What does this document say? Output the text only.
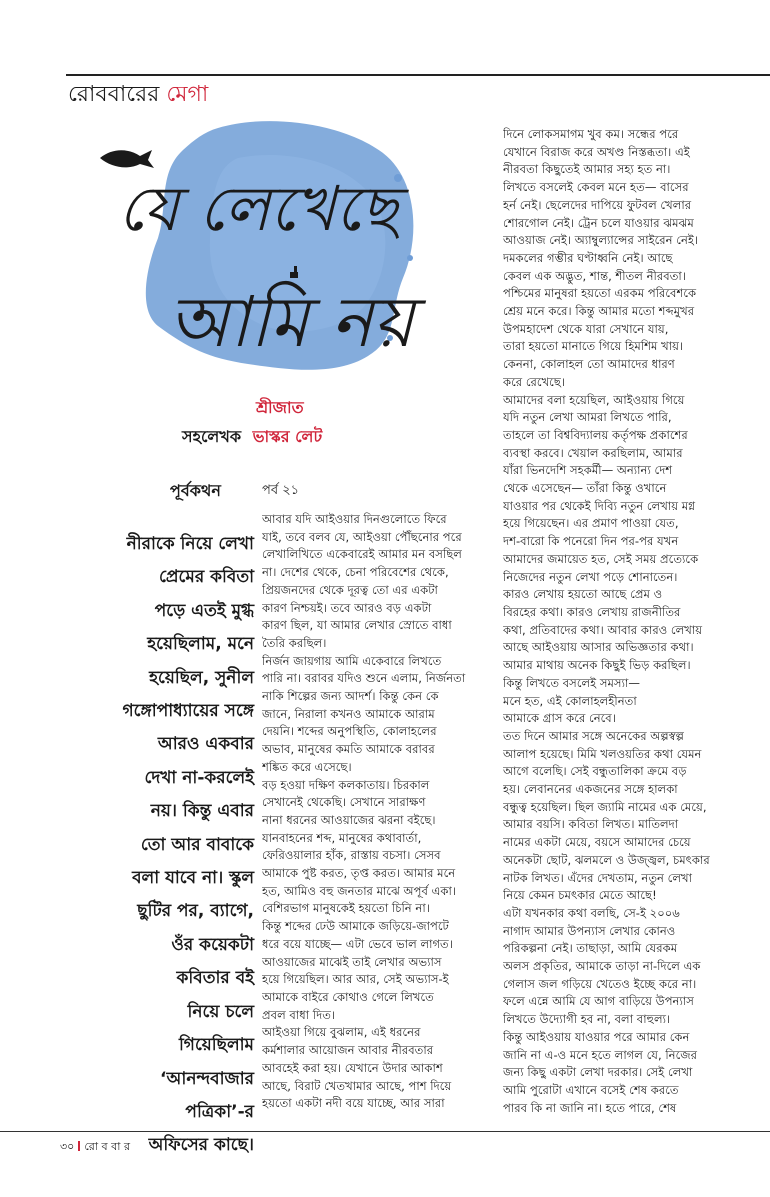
রোববারের মেগা
যে লেখেছে
আমি নয়
শ্রীজাত
সহলেখক ভাস্কর লেট
পূর্বকথন	পর্ব ২১
নীরাকে নিয়ে লেখা
প্রেমের কবিতা
পড়ে এতই মুগ্ধ
হয়েছিলাম, মনে
হয়েছিল, সুনীল
গঙ্গোপাধ্যায়ের সঙ্গে
আরও একবার
দেখা না-করলেই
নয়। কিন্তু এবার
তো আর বাবাকে
বলা যাবে না। স্কুল
ছুটির পর, ব্যাগে,
ওঁর কয়েকটা
কবিতার বই
নিয়ে চলে
গিয়েছিলাম
‘আনন্দবাজার
পত্রিকা’-র
অফিসের কাছে।
আবার যদি আইওয়ার দিনগুলোতে ফিরে
যাই, তবে বলব যে, আইওয়া পৌঁছনোর পরে
লেখালিখিতে একেবারেই আমার মন বসছিল
না। দেশের থেকে, চেনা পরিবেশের থেকে,
প্রিয়জনদের থেকে দূরত্ব তো এর একটা
কারণ নিশ্চয়ই। তবে আরও বড় একটা
কারণ ছিল, যা আমার লেখার স্রোতে বাধা
তৈরি করছিল।
নির্জন জায়গায় আমি একেবারে লিখতে
পারি না। বরাবর যদিও শুনে এলাম, নির্জনতা
নাকি শিল্পের জন্য আদর্শ। কিন্তু কেন কে
জানে, নিরালা কখনও আমাকে আরাম
দেয়নি। শব্দের অনুপস্থিতি, কোলাহলের
অভাব, মানুষের কমতি আমাকে বরাবর
শঙ্কিত করে এসেছে।
বড় হওয়া দক্ষিণ কলকাতায়। চিরকাল
সেখানেই থেকেছি। সেখানে সারাক্ষণ
নানা ধরনের আওয়াজের ঝরনা বইছে।
যানবাহনের শব্দ, মানুষের কথাবার্তা,
ফেরিওয়ালার হাঁক, রাস্তায় বচসা। সেসব
আমাকে পুষ্ট করত, তৃপ্ত করত। আমার মনে
হত, আমিও বহু জনতার মাঝে অপূর্ব একা।
বেশিরভাগ মানুষকেই হয়তো চিনি না।
কিন্তু শব্দের ঢেউ আমাকে জড়িয়ে-জাপটে
ধরে বয়ে যাচ্ছে— এটা ভেবে ভাল লাগত।
আওয়াজের মাঝেই তাই লেখার অভ্যাস
হয়ে গিয়েছিল। আর আর, সেই অভ্যাস-ই
আমাকে বাইরে কোথাও গেলে লিখতে
প্রবল বাধা দিত।
আইওয়া গিয়ে বুঝলাম, এই ধরনের
কর্মশালার আয়োজন আবার নীরবতার
আবহেই করা হয়। যেখানে উদার আকাশ
আছে, বিরাট খেতখামার আছে, পাশ দিয়ে
হয়তো একটা নদী বয়ে যাচ্ছে, আর সারা
দিনে লোকসমাগম খুব কম। সন্ধের পরে
যেখানে বিরাজ করে অখণ্ড নিস্তব্ধতা। এই
নীরবতা কিছুতেই আমার সহ্য হত না।
লিখতে বসলেই কেবল মনে হত— বাসের
হর্ন নেই। ছেলেদের দাপিয়ে ফুটবল খেলার
শোরগোল নেই। ট্রেন চলে যাওয়ার ঝমঝম
আওয়াজ নেই। অ্যাম্বুল্যান্সের সাইরেন নেই।
দমকলের গম্ভীর ঘণ্টাধ্বনি নেই। আছে
কেবল এক অদ্ভুত, শান্ত, শীতল নীরবতা।
পশ্চিমের মানুষরা হয়তো এরকম পরিবেশকে
শ্রেয় মনে করে। কিন্তু আমার মতো শব্দমুখর
উপমহাদেশ থেকে যারা সেখানে যায়,
তারা হয়তো মানাতে গিয়ে হিমশিম খায়।
কেননা, কোলাহল তো আমাদের ধারণ
করে রেখেছে।
আমাদের বলা হয়েছিল, আইওয়ায় গিয়ে
যদি নতুন লেখা আমরা লিখতে পারি,
তাহলে তা বিশ্ববিদ্যালয় কর্তৃপক্ষ প্রকাশের
ব্যবস্থা করবে। খেয়াল করছিলাম, আমার
যাঁরা ভিনদেশি সহকর্মী— অন্যান্য দেশ
থেকে এসেছেন— তাঁরা কিন্তু ওখানে
যাওয়ার পর থেকেই দিব্যি নতুন লেখায় মগ্ন
হয়ে গিয়েছেন। এর প্রমাণ পাওয়া যেত,
দশ-বারো কি পনেরো দিন পর-পর যখন
আমাদের জমায়েত হত, সেই সময় প্রত্যেকে
নিজেদের নতুন লেখা পড়ে শোনাতেন।
কারও লেখায় হয়তো আছে প্রেম ও
বিরহের কথা। কারও লেখায় রাজনীতির
কথা, প্রতিবাদের কথা। আবার কারও লেখায়
আছে আইওয়ায় আসার অভিজ্ঞতার কথা।
আমার মাথায় অনেক কিছুই ভিড় করছিল।
কিন্তু লিখতে বসলেই সমস্যা—
মনে হত, এই কোলাহলহীনতা
আমাকে গ্রাস করে নেবে।
তত দিনে আমার সঙ্গে অনেকের অল্পস্বল্প
আলাপ হয়েছে। মিমি খলওয়তির কথা যেমন
আগে বলেছি। সেই বন্ধুতালিকা ক্রমে বড়
হয়। লেবাননের একজনের সঙ্গে হালকা
বন্ধুত্ব হয়েছিল। ছিল জ্যামি নামের এক মেয়ে,
আমার বয়সি। কবিতা লিখত। মাতিলদা
নামের একটা মেয়ে, বয়সে আমাদের চেয়ে
অনেকটা ছোট, ঝলমলে ও উজ্জ্বল, চমৎকার
নাটক লিখত। এঁদের দেখতাম, নতুন লেখা
নিয়ে কেমন চমৎকার মেতে আছে!
এটা যখনকার কথা বলছি, সে-ই ২০০৬
নাগাদ আমার উপন্যাস লেখার কোনও
পরিকল্পনা নেই। তাছাড়া, আমি যেরকম
অলস প্রকৃতির, আমাকে তাড়া না-দিলে এক
গেলাস জল গড়িয়ে খেতেও ইচ্ছে করে না।
ফলে এন্নে আমি যে আগ বাড়িয়ে উপন্যাস
লিখতে উদ্যোগী হব না, বলা বাহুল্য।
কিন্তু আইওয়ায় যাওয়ার পরে আমার কেন
জানি না এ-ও মনে হতে লাগল যে, নিজের
জন্য কিছু একটা লেখা দরকার। সেই লেখা
আমি পুরোটা এখানে বসেই শেষ করতে
পারব কি না জানি না। হতে পারে, শেষ
৩০ রো ব বা র
